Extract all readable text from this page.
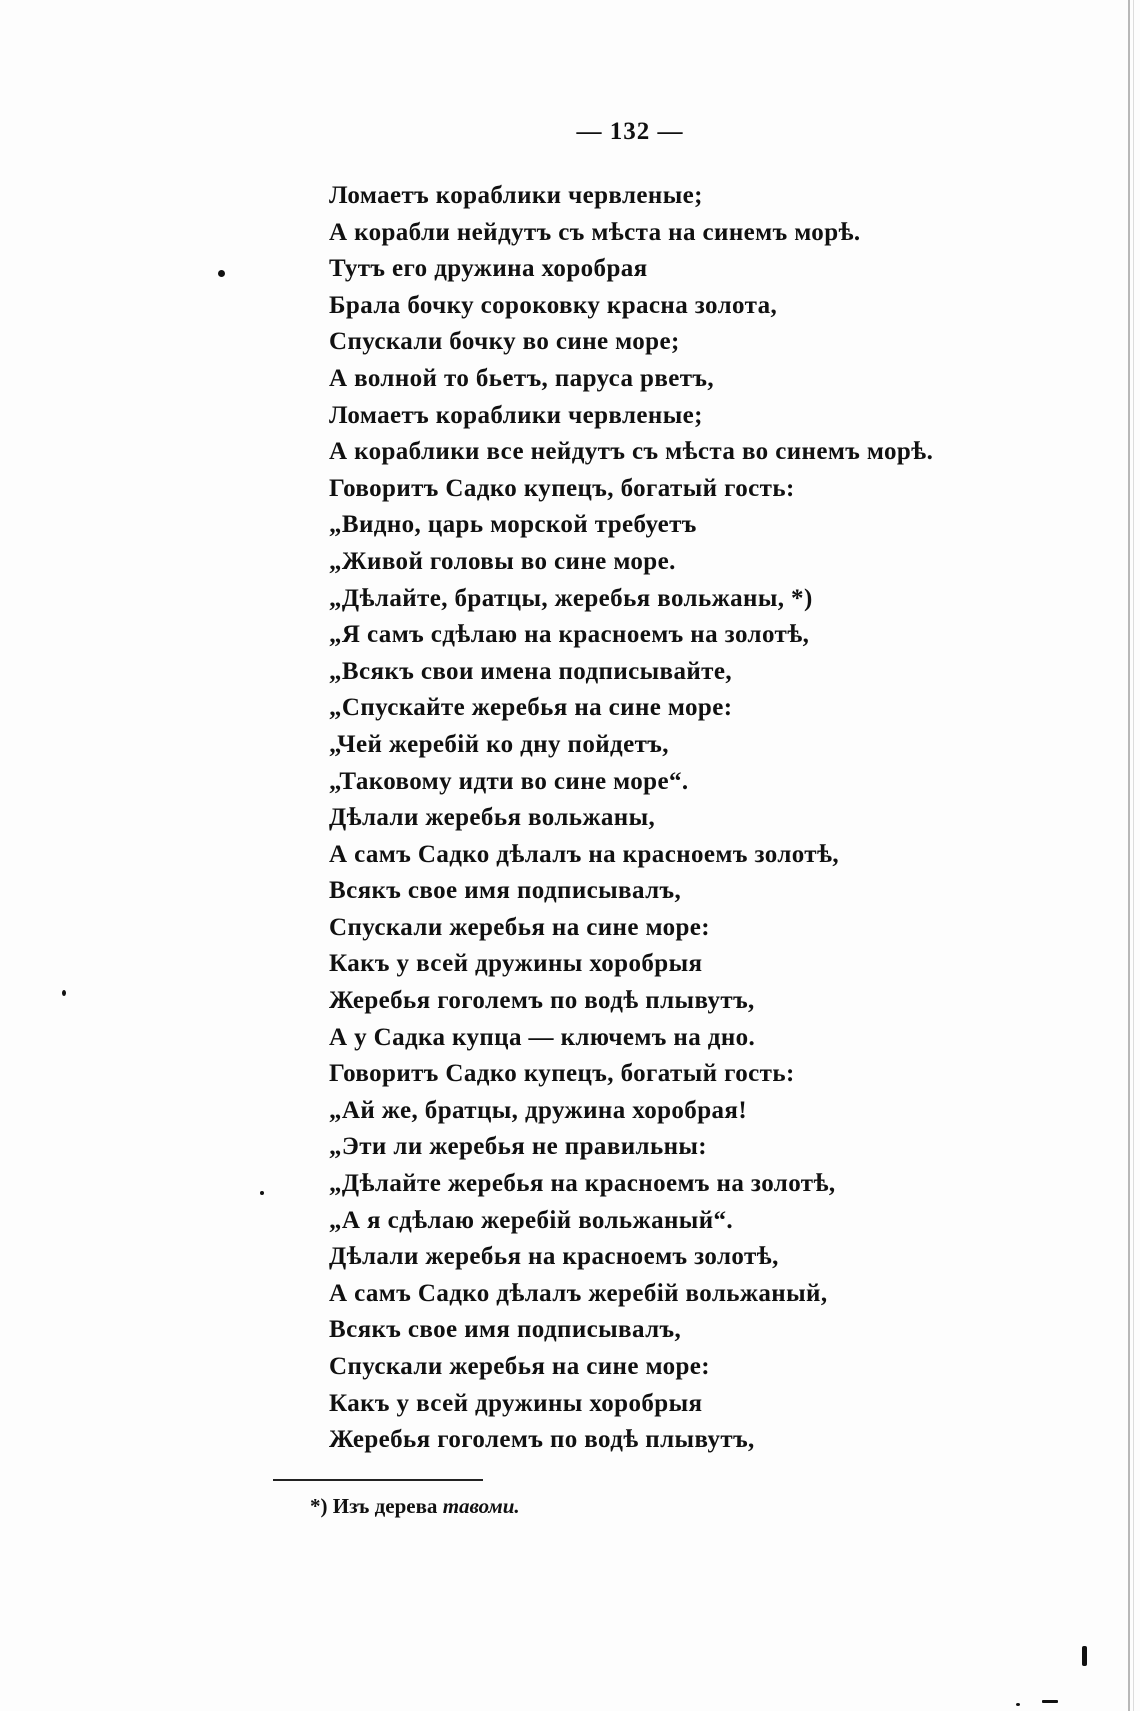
— 132 —
Ломаетъ кораблики червленые;
А корабли нейдутъ съ мѣста на синемъ морѣ.
Тутъ его дружина хоробрая
Брала бочку сороковку красна золота,
Спускали бочку во сине море;
А волной то бьетъ, паруса рветъ,
Ломаетъ кораблики червленые;
А кораблики все нейдутъ съ мѣста во синемъ морѣ.
Говоритъ Садко купецъ, богатый гость:
„Видно, царь морской требуетъ
„Живой головы во сине море.
„Дѣлайте, братцы, жеребья вольжаны, *)
„Я самъ сдѣлаю на красноемъ на золотѣ,
„Всякъ свои имена подписывайте,
„Спускайте жеребья на сине море:
„Чей жеребій ко дну пойдетъ,
„Таковому идти во сине море“.
Дѣлали жеребья вольжаны,
А самъ Садко дѣлалъ на красноемъ золотѣ,
Всякъ свое имя подписывалъ,
Спускали жеребья на сине море:
Какъ у всей дружины хоробрыя
Жеребья гоголемъ по водѣ плывутъ,
А у Садка купца — ключемъ на дно.
Говоритъ Садко купецъ, богатый гость:
„Ай же, братцы, дружина хоробрая!
„Эти ли жеребья не правильны:
„Дѣлайте жеребья на красноемъ на золотѣ,
„А я сдѣлаю жеребій вольжаный“.
Дѣлали жеребья на красноемъ золотѣ,
А самъ Садко дѣлалъ жеребій вольжаный,
Всякъ свое имя подписывалъ,
Спускали жеребья на сине море:
Какъ у всей дружины хоробрыя
Жеребья гоголемъ по водѣ плывутъ,
*) Изъ дерева тавоми.
